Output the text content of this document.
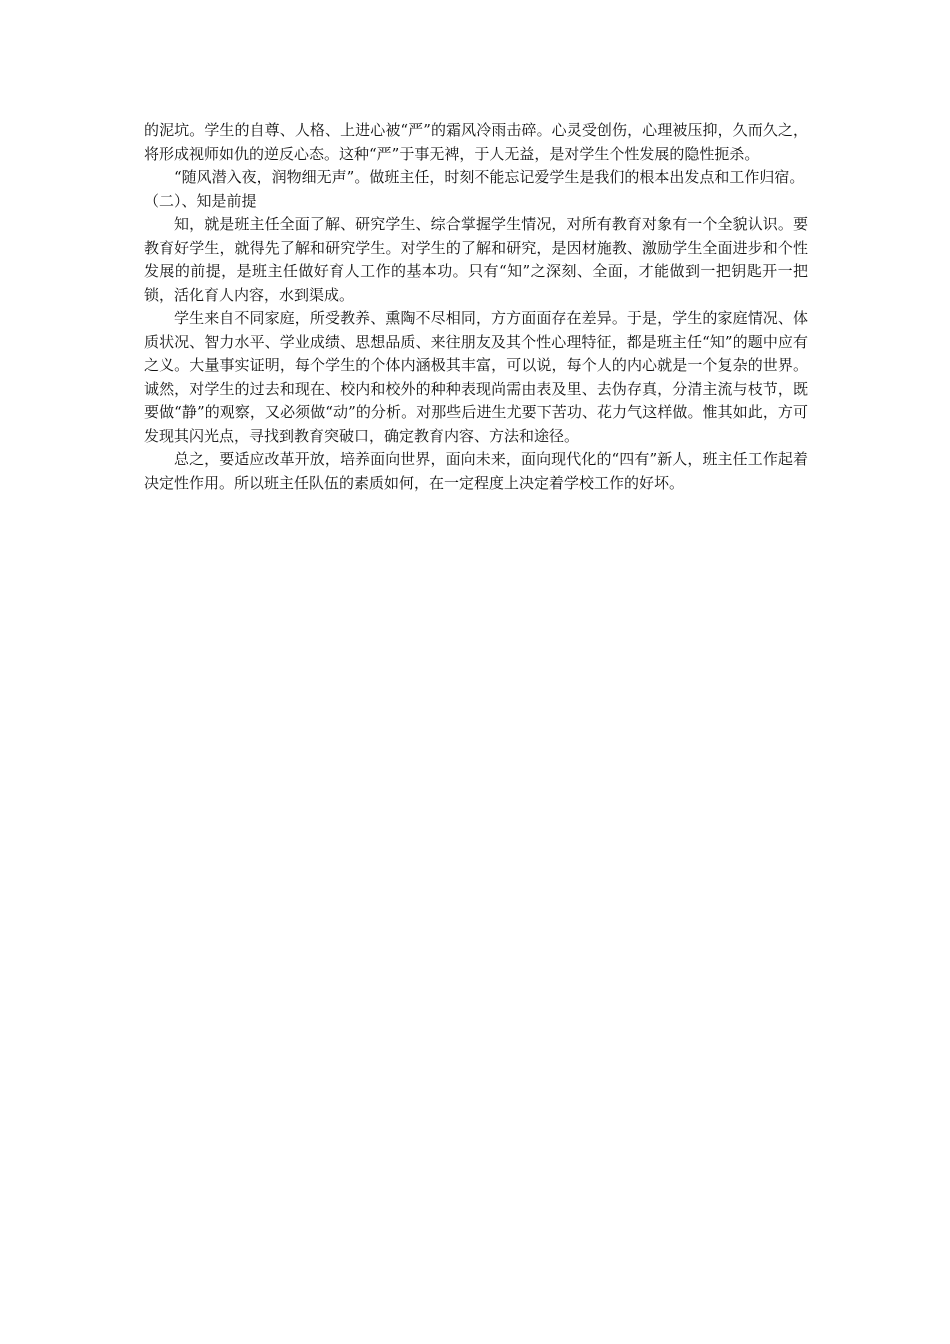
的泥坑。学生的自尊、人格、上进心被“严”的霜风冷雨击碎。心灵受创伤，心理被压抑，久而久之，将形成视师如仇的逆反心态。这种“严”于事无裨，于人无益，是对学生个性发展的隐性扼杀。

“随风潜入夜，润物细无声”。做班主任，时刻不能忘记爱学生是我们的根本出发点和工作归宿。

（二）、知是前提

知，就是班主任全面了解、研究学生、综合掌握学生情况，对所有教育对象有一个全貌认识。要教育好学生，就得先了解和研究学生。对学生的了解和研究，是因材施教、激励学生全面进步和个性发展的前提，是班主任做好育人工作的基本功。只有“知”之深刻、全面，才能做到一把钥匙开一把锁，活化育人内容，水到渠成。

学生来自不同家庭，所受教养、熏陶不尽相同，方方面面存在差异。于是，学生的家庭情况、体质状况、智力水平、学业成绩、思想品质、来往朋友及其个性心理特征，都是班主任“知”的题中应有之义。大量事实证明，每个学生的个体内涵极其丰富，可以说，每个人的内心就是一个复杂的世界。诚然，对学生的过去和现在、校内和校外的种种表现尚需由表及里、去伪存真，分清主流与枝节，既要做“静”的观察，又必须做“动”的分析。对那些后进生尤要下苦功、花力气这样做。惟其如此，方可发现其闪光点，寻找到教育突破口，确定教育内容、方法和途径。

总之，要适应改革开放，培养面向世界，面向未来，面向现代化的“四有”新人，班主任工作起着决定性作用。所以班主任队伍的素质如何，在一定程度上决定着学校工作的好坏。
